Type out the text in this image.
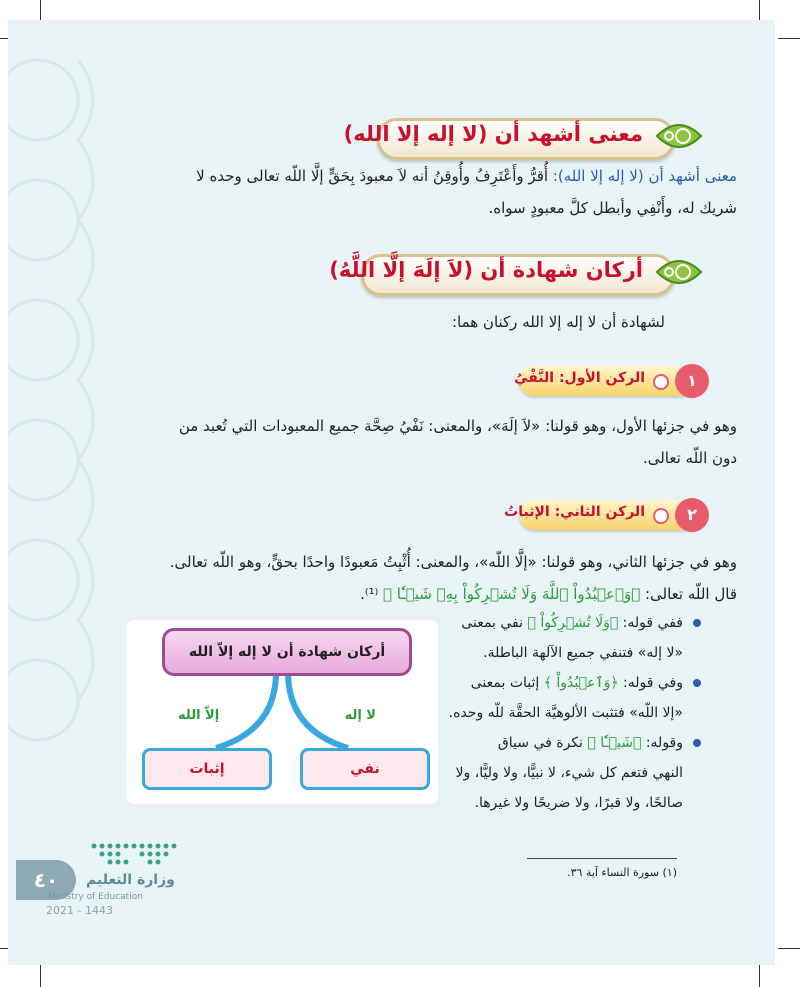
معنى أشهد أن (لا إله إلا الله)
معنى أشهد أن (لا إله إلا الله): أُقرُّ وأَعْتَرِفُ وأُوقِنُ أنه لاَ معبودَ بِحَقٍّ إلَّا اللّه تعالى وحده لا
شريك له، وأَنْفِي وأبطل كلَّ معبودٍ سواه.
أركان شهادة أن (لاَ إلَهَ إلَّا اللَّهُ)
لشهادة أن لا إله إلا الله ركنان هما:
١
الركن الأول: النَّفْيُ
وهو في جزئها الأول، وهو قولنا: «لاَ إلَهَ»، والمعنى: نَفْيُ صِحَّة جميع المعبودات التي تُعبد من
دون اللّه تعالى.
٢
الركن الثاني: الإثباتُ
وهو في جزئها الثاني، وهو قولنا: «إلَّا اللّه»، والمعنى: أُثْبِتُ مَعبودًا واحدًا بحقٍّ، وهو اللّه تعالى.
قال اللّه تعالى: ﴿وَٱعۡبُدُواْ ٱللَّهَ وَلَا تُشۡرِكُواْ بِهِۦ شَيۡـٔٗا ﴾ ⁽¹⁾.
ففي قوله: ﴿وَلَا تُشۡرِكُواْ ﴾ نفي بمعنى
«لا إله» فتنفي جميع الآلهة الباطلة.
وفي قوله: ﴿وَٱعۡبُدُواْ ﴾ إثبات بمعنى
«إلا اللّه» فتثبت الألوهيَّة الحقَّة للّه وحده.
وقوله: ﴿شَيۡـٔٗا ﴾ نكرة في سياق
النهي فتعم كل شيء، لا نبيًّا، ولا وليًّا، ولا
صالحًا، ولا قبرًا، ولا ضريحًا ولا غيرها.
أركان شهادة أن لا إله إلاّ الله
لا إله
إلاّ الله
نفي
إثبات
(١) سورة النساء آية ٣٦.
٤٠	وزارة التعليم
Ministry of Education
2021 - 1443
